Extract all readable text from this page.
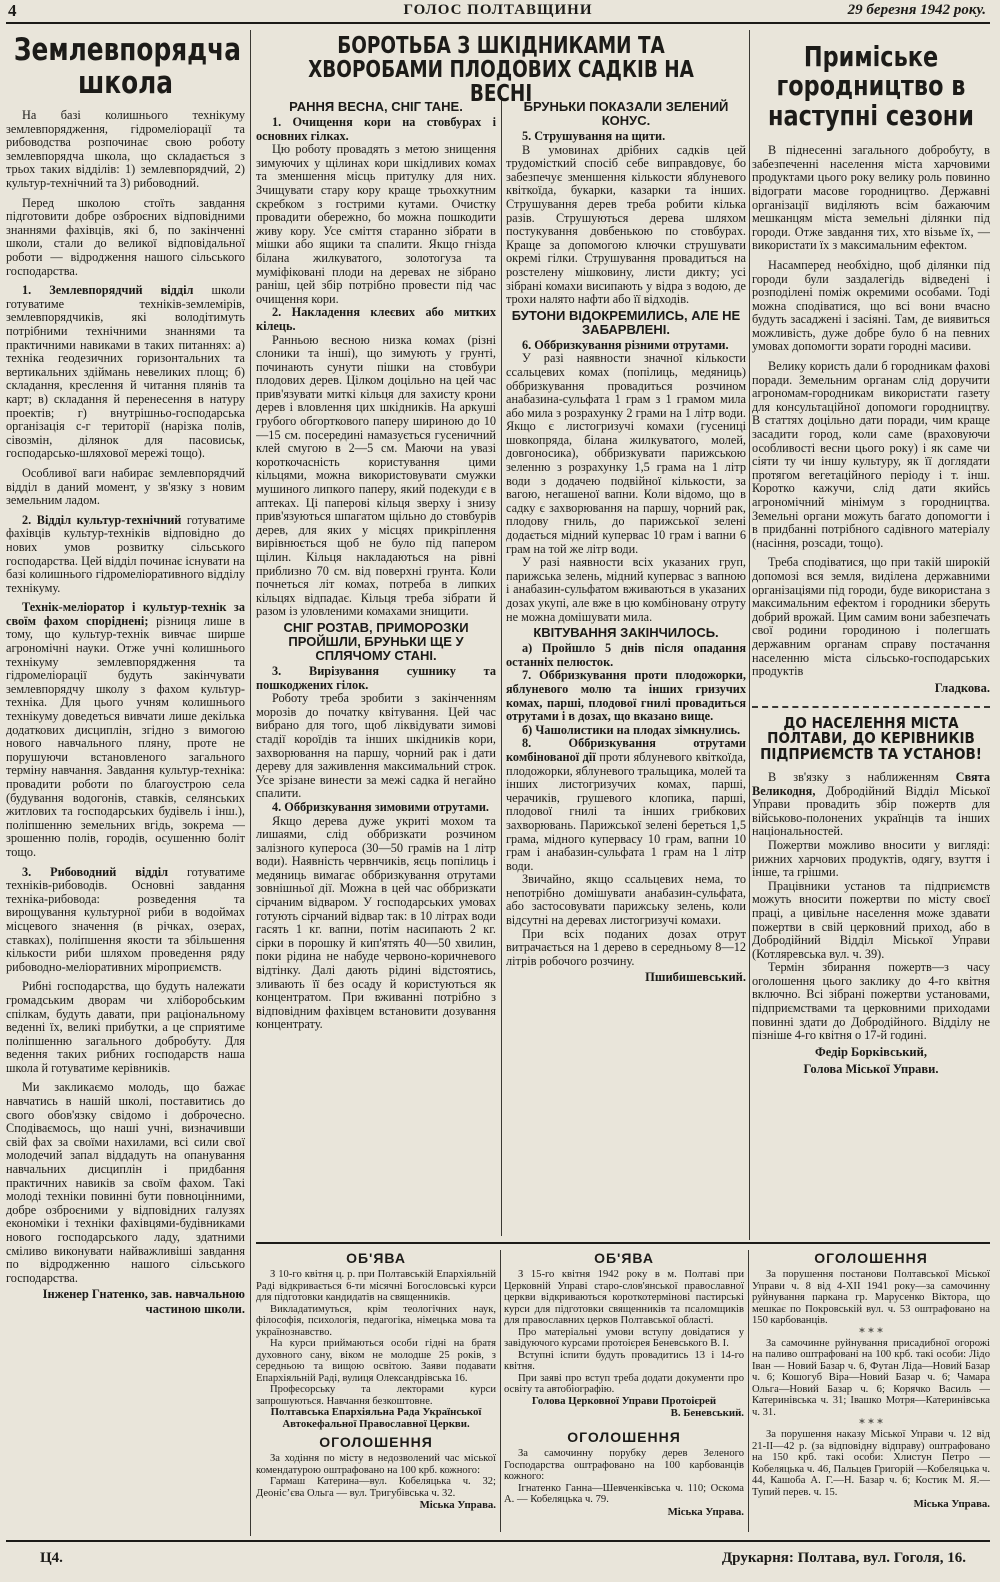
4	ГОЛОС ПОЛТАВЩИНИ	29 березня 1942 року.
Землевпорядча школа

На базі колишнього технікуму землевпорядження, гідромеліорації та рибоводства розпочинає свою роботу землевпорядча школа, що складається з трьох таких відділів: 1) землевпорядчий, 2) культур-технічний та 3) рибоводний.

Перед школою стоїть завдання підготовити добре озброєних відповідними знаннями фахівців, які б, по закінченні школи, стали до великої відповідальної роботи — відродження нашого сільського господарства.

1. Землевпорядчий відділ школи готуватиме техніків-землемірів, землевпорядчиків, які володітимуть потрібними технічними знаннями та практичними навиками в таких питаннях: а) техніка геодезичних горизонтальних та вертикальних здіймань невеликих площ; б) складання, креслення й читання плянів та карт; в) складання й перенесення в натуру проектів; г) внутрішньо-господарська організація с-г території (нарізка полів, сівозмін, ділянок для пасовиськ, господарсько-шляхової мережі тощо).

Особливої ваги набирає землевпорядчий відділ в даний момент, у зв'язку з новим земельним ладом.

2. Відділ культур-технічний готуватиме фахівців культур-техніків відповідно до нових умов розвитку сільського господарства. Цей відділ починає існувати на базі колишнього гідромеліоративного відділу технікуму.

Технік-меліоратор і культур-технік за своїм фахом споріднені; різниця лише в тому, що культур-технік вивчає ширше агрономічні науки. Отже учні колишнього технікуму землевпорядження та гідромеліорації будуть закінчувати землевпорядчу школу з фахом культур-техніка. Для цього учням колишнього технікуму доведеться вивчати лише декілька додаткових дисциплін, згідно з вимогою нового навчального пляну, проте не порушуючи встановленого загального терміну навчання. Завдання культур-техніка: провадити роботи по благоустрою села (будування водогонів, ставків, селянських житлових та господарських будівель і інш.), поліпшенню земельних вгідь, зокрема — зрошенню полів, городів, осушенню боліт тощо.

3. Рибоводний відділ готуватиме техніків-рибоводів. Основні завдання техніка-рибовода: розведення та вирощування культурної риби в водоймах місцевого значення (в річках, озерах, ставках), поліпшення якости та збільшення кількости риби шляхом проведення ряду рибоводно-меліоративних міроприємств.

Рибні господарства, що будуть належати громадським дворам чи хліборобським спілкам, будуть давати, при раціональному веденні їх, великі прибутки, а це сприятиме поліпшенню загального добробуту. Для ведення таких рибних господарств наша школа й готуватиме керівників.

Ми закликаємо молодь, що бажає навчатись в нашій школі, поставитись до свого обов'язку свідомо і доброчесно. Сподіваємось, що наші учні, визначивши свій фах за своїми нахилами, всі сили свої молодечий запал віддадуть на опанування навчальних дисциплін і придбання практичних навиків за своїм фахом. Такі молоді техніки повинні бути повноцінними, добре озброєними у відповідних галузях економіки і техніки фахівцями-будівниками нового господарського ладу, здатними сміливо виконувати найважливіші завдання по відродженню нашого сільського господарства.

Інженер Гнатенко, зав. навчальною частиною школи.
БОРОТЬБА З ШКІДНИКАМИ ТА ХВОРОБАМИ ПЛОДОВИХ САДКІВ НА ВЕСНІ
РАННЯ ВЕСНА, СНІГ ТАНЕ.

1. Очищення кори на стовбурах і основних гілках.

Цю роботу провадять з метою знищення зимуючих у щілинах кори шкідливих комах та зменшення місць притулку для них. Зчищувати стару кору краще трьохкутним скребком з гострими кутами. Очистку провадити обережно, бо можна пошкодити живу кору. Усе сміття старанно зібрати в мішки або ящики та спалити. Якщо гнізда білана жилкуватого, золотогуза та муміфіковані плоди на деревах не зібрано раніш, цей збір потрібно провести під час очищення кори.

2. Накладення клеєвих або митких кілець.

Ранньою весною низка комах (різні слоники та інші), що зимують у грунті, починають сунути пішки на стовбури плодових дерев. Цілком доцільно на цей час прив'язувати миткі кільця для захисту крони дерев і вловлення цих шкідників. На аркуші грубого обгорткового паперу шириною до 10—15 см. посередині намазується гусеничний клей смугою в 2—5 см. Маючи на увазі короткочасність користування цими кільцями, можна використовувати смужки мушиного липкого паперу, який подекуди є в аптеках. Ці паперові кільця зверху і знизу прив'язуються шпагатом щільно до стовбурів дерев, для яких у місцях прикріплення вирівнюється щоб не було під папером щілин. Кільця накладаються на рівні приблизно 70 см. від поверхні грунта. Коли почнеться літ комах, потреба в липких кільцях відпадає. Кільця треба зібрати й разом із уловленими комахами знищити.

СНІГ РОЗТАВ, ПРИМОРОЗКИ ПРОЙШЛИ, БРУНЬКИ ЩЕ У СПЛЯЧОМУ СТАНІ.

3. Вирізування сушнику та пошкоджених гілок.

Роботу треба зробити з закінченням морозів до початку квітування. Цей час вибрано для того, щоб ліквідувати зимові стадії короїдів та інших шкідників кори, захворювання на паршу, чорний рак і дати дереву для заживлення максимальний строк. Усе зрізане винести за межі садка й негайно спалити.

4. Оббризкування зимовими отрутами.

Якщо дерева дуже укриті мохом та лишаями, слід оббризкати розчином залізного купероса (30—50 грамів на 1 літр води). Наявність червнчиків, яєць попілиць і медяниць вимагає оббризкування отрутами зовнішньої дії. Можна в цей час оббризкати сірчаним відваром. У господарських умовах готують сірчаний відвар так: в 10 літрах води гасять 1 кг. вапни, потім насипають 2 кг. сірки в порошку й кип'ятять 40—50 хвилин, поки рідина не набуде червоно-коричневого відтінку. Далі дають рідині відстоятись, зливають її без осаду й користуються як концентратом. При вживанні потрібно з відповідним фахівцем встановити дозування концентрату.

БРУНЬКИ ПОКАЗАЛИ ЗЕЛЕНИЙ КОНУС.

5. Струшування на щити.

В умовинах дрібних садків цей трудомісткий спосіб себе виправдовує, бо забезпечує зменшення кількости яблуневого квіткоїда, букарки, казарки та інших. Струшування дерев треба робити кілька разів. Струшуються дерева шляхом постукування довбенькою по стовбурах. Краще за допомогою ключки струшувати окремі гілки. Струшування провадиться на розстелену мішковину, листи дикту; усі зібрані комахи висипають у відра з водою, де трохи налято нафти або її відходів.

БУТОНИ ВІДОКРЕМИЛИСЬ, АЛЕ НЕ ЗАБАРВЛЕНІ.

6. Оббризкування різними отрутами.

У разі наявности значної кількости ссальцевих комах (попілиць, медяниць) оббризкування провадиться розчином анабазина-сульфата 1 грам з 1 грамом мила або мила з розрахунку 2 грами на 1 літр води. Якщо є листогризучі комахи (гусениці шовкопряда, білана жилкуватого, молей, довгоносика), оббризкувати парижською зеленню з розрахунку 1,5 грама на 1 літр води з додачею подвійної кількости, за вагою, негашеної вапни. Коли відомо, що в садку є захворювання на паршу, чорний рак, плодову гниль, до парижської зелені додається мідний купервас 10 грам і вапни 6 грам на той же літр води.

У разі наявности всіх указаних груп, парижська зелень, мідний купервас з вапною і анабазин-сульфатом вживаються в указаних дозах укупі, але вже в цю комбіновану отруту не можна домішувати мила.

КВІТУВАННЯ ЗАКІНЧИЛОСЬ.

а) Пройшло 5 днів після опадання останніх пелюсток.

7. Оббризкування проти плодожорки, яблуневого молю та інших гризучих комах, парші, плодової гнилі провадиться отрутами і в дозах, що вказано вище.

б) Чашолистики на плодах зімкнулись.

8. Оббризкування отрутами комбінованої дії проти яблуневого квіткоїда, плодожорки, яблуневого тральщика, молей та інших листогризучих комах, парші, черачиків, грушевого клопика, парші, плодової гнилі та інших грибкових захворювань. Парижської зелені береться 1,5 грама, мідного купервасу 10 грам, вапни 10 грам і анабазин-сульфата 1 грам на 1 літр води.

Звичайно, якщо ссальцевих нема, то непотрібно домішувати анабазин-сульфата, або застосовувати парижську зелень, коли відсутні на деревах листогризучі комахи.

При всіх поданих дозах отрут витрачається на 1 дерево в середньому 8—12 літрів робочого розчину.

Пшибишевський.
Приміське городництво в наступні сезони

В піднесенні загального добробуту, в забезпеченні населення міста харчовими продуктами цього року велику роль повинно відограти масове городництво. Державні організації виділяють всім бажаючим мешканцям міста земельні ділянки під городи. Отже завдання тих, хто візьме їх, — використати їх з максимальним ефектом.

Насамперед необхідно, щоб ділянки під городи були заздалегідь відведені і розподілені поміж окремими особами. Тоді можна сподіватися, що всі вони вчасно будуть засаджені і засіяні. Там, де виявиться можливість, дуже добре було б на певних умовах допомогти зорати городні масиви.

Велику користь дали б городникам фахові поради. Земельним органам слід доручити агрономам-городникам використати газету для консультаційної допомоги городництву. В статтях доцільно дати поради, чим краще засадити город, коли саме (враховуючи особливості весни цього року) і як саме чи сіяти ту чи іншу культуру, як її доглядати протягом вегетаційного періоду і т. інш. Коротко кажучи, слід дати якийсь агрономічний мінімум з городництва. Земельні органи можуть багато допомогти і в придбанні потрібного садівного матеріалу (насіння, розсади, тощо).

Треба сподіватися, що при такій широкій допомозі вся земля, виділена державними організаціями під городи, буде використана з максимальним ефектом і городники зберуть добрий врожай. Цим самим вони забезпечать свої родини городиною і полегшать державним органам справу постачання населенню міста сільсько-господарських продуктів

Гладкова.
ДО НАСЕЛЕННЯ МІСТА ПОЛТАВИ, ДО КЕРІВНИКІВ ПІДПРИЄМСТВ ТА УСТАНОВ!

В зв'язку з наближенням Свята Великодня, Добродійний Відділ Міської Управи провадить збір пожертв для військово-полонених українців та інших національностей.

Пожертви можливо вносити у вигляді: рижних харчових продуктів, одягу, взуття і інше, та грішми.

Працівники установ та підприємств можуть вносити пожертви по місту своєї праці, а цивільне населення може здавати пожертви в свій церковний приход, або в Добродійний Відділ Міської Управи (Котляревська вул. ч. 39).

Термін збирання пожертв—з часу оголошення цього заклику до 4-го квітня включно. Всі зібрані пожертви установами, підприємствами та церковними приходами повинні здати до Добродійного. Відділу не пізніше 4-го квітня о 17-й годині.

Федір Борківський,
Голова Міської Управи.
ОБ'ЯВА

З 10-го квітня ц. р. при Полтавській Епархіяльній Раді відкривається 6-ти місячні Богословські курси для підготовки кандидатів на священників.

Викладатимуться, крім теологічних наук, філософія, психологія, педагогіка, німецька мова та українознавство.

На курси приймаються особи гідні на братя духовного сану, віком не молодше 25 років, з середньою та вищою освітою. Заяви подавати Епархіяльній Раді, вулиця Олександрівська 16.

Професорську та лекторами курси запрошуються. Навчання безкоштовне.

Полтавська Епархіяльна Рада Української Автокефальної Православної Церкви.
ОГОЛОШЕННЯ

За ходіння по місту в недозволений час міської комендатурою оштрафовано на 100 крб. кожного:

Гармаш Катерина—вул. Кобеляцька ч. 32; Деонісʼєва Ольга — вул. Тригубівська ч. 32.

Міська Управа.
ОБ'ЯВА

З 15-го квітня 1942 року в м. Полтаві при Церковній Управі старо-слов'янської православної церкви відкриваються короткотермінові пастирські курси для підготовки священників та псаломщиків для православних церков Полтавської області.

Про матеріальні умови вступу довідатися у завідуючого курсами протоієрея Беневського В. І.

Вступні іспити будуть провадитись 13 і 14-го квітня.

При заяві про вступ треба додати документи про освіту та автобіографію.

Голова Церковної Управи Протоієрей
В. Беневський.
ОГОЛОШЕННЯ

За самочинну порубку дерев Зеленого Господарства оштрафовано на 100 карбованців кожного:

Ігнатенко Ганна—Шевченківська ч. 110; Оскома А. — Кобеляцька ч. 79.

Міська Управа.
ОГОЛОШЕННЯ

За порушення постанови Полтавської Міської Управи ч. 8 від 4-XII 1941 року—за самочинну руйнування паркана гр. Марусенко Віктора, що мешкає по Покровській вул. ч. 53 оштрафовано на 150 карбованців.

* * *

За самочинне руйнування присадибної огорожі на паливо оштрафовані на 100 крб. такі особи: Лідо Іван — Новий Базар ч. 6, Футан Ліда—Новий Базар ч. 6; Кошогуб Віра—Новий Базар ч. 6; Чамара Ольга—Новий Базар ч. 6; Корячко Василь — Катеринівська ч. 31; Івашко Мотря—Катеринівська ч. 31.

* * *

За порушення наказу Міської Управи ч. 12 від 21-II—42 р. (за відповідну відправу) оштрафовано на 150 крб. такі особи: Хлистун Петро —Кобеляцька ч. 46, Пальцев Григорій —Кобеляцька ч. 44, Кашоба А. Г.—Н. Базар ч. 6; Костик М. Я.—Тупий перев. ч. 15.

Міська Управа.
Ц4.	Друкарня: Полтава, вул. Гоголя, 16.
